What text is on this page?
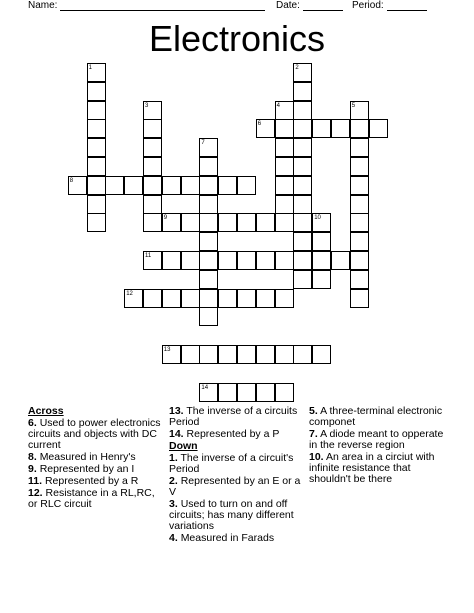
Name:	Date:	Period:
Electronics
1	2
3	4	5
6
7
8
9	10
11
12
13
14
Across
6. Used to power electronics circuits and objects with DC current
8. Measured in Henry's
9. Represented by an I
11. Represented by a R
12. Resistance in a RL,RC, or RLC circuit
13. The inverse of a circuits Period
14. Represented by a P
Down
1. The inverse of a circuit's Period
2. Represented by an E or a V
3. Used to turn on and off circuits; has many different variations
4. Measured in Farads
5. A three-terminal electronic componet
7. A diode meant to opperate in the reverse region
10. An area in a circiut with infinite resistance that shouldn't be there
